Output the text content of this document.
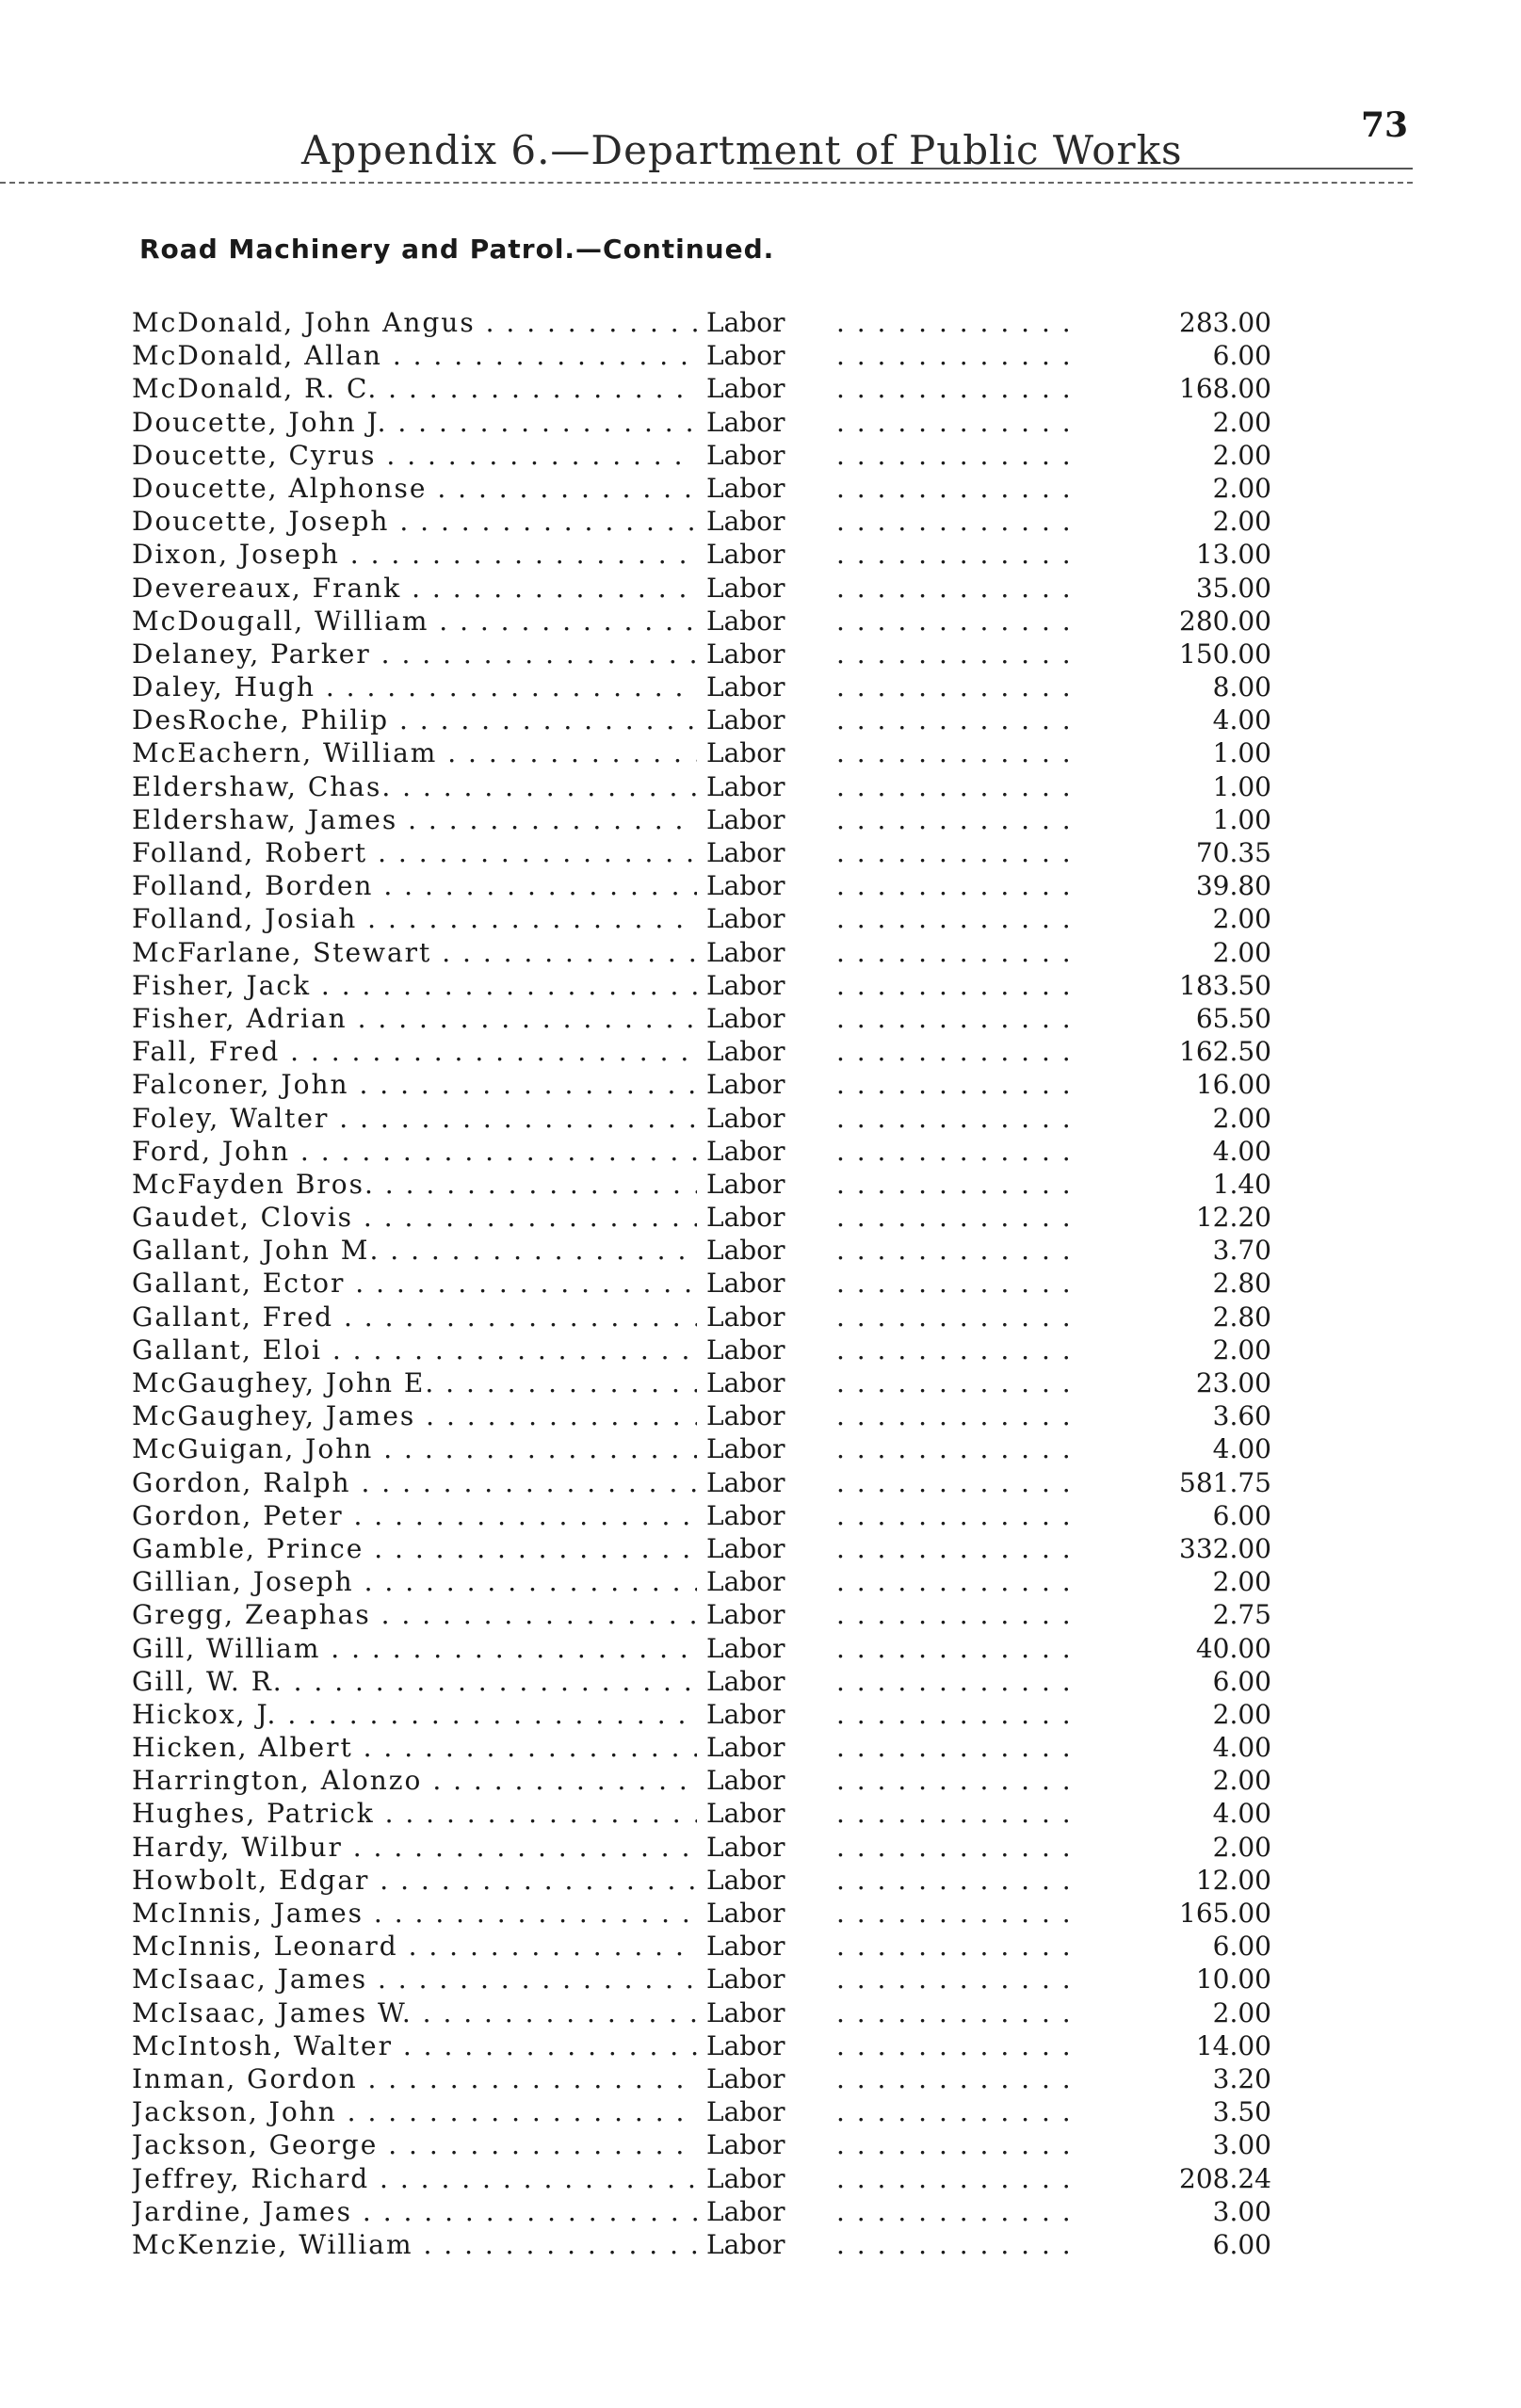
Appendix 6.—Department of Public Works
73
Road Machinery and Patrol.—Continued.
McDonald, John Angus . . .	Labor . . .	283.00
McDonald, Allan . . .	Labor . . .	6.00
McDonald, R. C. . . .	Labor . . .	168.00
Doucette, John J. . . .	Labor . . .	2.00
Doucette, Cyrus . . .	Labor . . .	2.00
Doucette, Alphonse . . .	Labor . . .	2.00
Doucette, Joseph . . .	Labor . . .	2.00
Dixon, Joseph . . .	Labor . . .	13.00
Devereaux, Frank . . .	Labor . . .	35.00
McDougall, William . . .	Labor . . .	280.00
Delaney, Parker . . .	Labor . . .	150.00
Daley, Hugh . . .	Labor . . .	8.00
DesRoche, Philip . . .	Labor . . .	4.00
McEachern, William . . .	Labor . . .	1.00
Eldershaw, Chas. . . .	Labor . . .	1.00
Eldershaw, James . . .	Labor . . .	1.00
Folland, Robert . . .	Labor . . .	70.35
Folland, Borden . . .	Labor . . .	39.80
Folland, Josiah . . .	Labor . . .	2.00
McFarlane, Stewart . . .	Labor . . .	2.00
Fisher, Jack . . .	Labor . . .	183.50
Fisher, Adrian . . .	Labor . . .	65.50
Fall, Fred . . .	Labor . . .	162.50
Falconer, John . . .	Labor . . .	16.00
Foley, Walter . . .	Labor . . .	2.00
Ford, John . . .	Labor . . .	4.00
McFayden Bros. . . .	Labor . . .	1.40
Gaudet, Clovis . . .	Labor . . .	12.20
Gallant, John M. . . .	Labor . . .	3.70
Gallant, Ector . . .	Labor . . .	2.80
Gallant, Fred . . .	Labor . . .	2.80
Gallant, Eloi . . .	Labor . . .	2.00
McGaughey, John E. . . .	Labor . . .	23.00
McGaughey, James . . .	Labor . . .	3.60
McGuigan, John . . .	Labor . . .	4.00
Gordon, Ralph . . .	Labor . . .	581.75
Gordon, Peter . . .	Labor . . .	6.00
Gamble, Prince . . .	Labor . . .	332.00
Gillian, Joseph . . .	Labor . . .	2.00
Gregg, Zeaphas . . .	Labor . . .	2.75
Gill, William . . .	Labor . . .	40.00
Gill, W. R. . . .	Labor . . .	6.00
Hickox, J. . . .	Labor . . .	2.00
Hicken, Albert . . .	Labor . . .	4.00
Harrington, Alonzo . . .	Labor . . .	2.00
Hughes, Patrick . . .	Labor . . .	4.00
Hardy, Wilbur . . .	Labor . . .	2.00
Howbolt, Edgar . . .	Labor . . .	12.00
McInnis, James . . .	Labor . . .	165.00
McInnis, Leonard . . .	Labor . . .	6.00
McIsaac, James . . .	Labor . . .	10.00
McIsaac, James W. . . .	Labor . . .	2.00
McIntosh, Walter . . .	Labor . . .	14.00
Inman, Gordon . . .	Labor . . .	3.20
Jackson, John . . .	Labor . . .	3.50
Jackson, George . . .	Labor . . .	3.00
Jeffrey, Richard . . .	Labor . . .	208.24
Jardine, James . . .	Labor . . .	3.00
McKenzie, William . . .	Labor . . .	6.00
